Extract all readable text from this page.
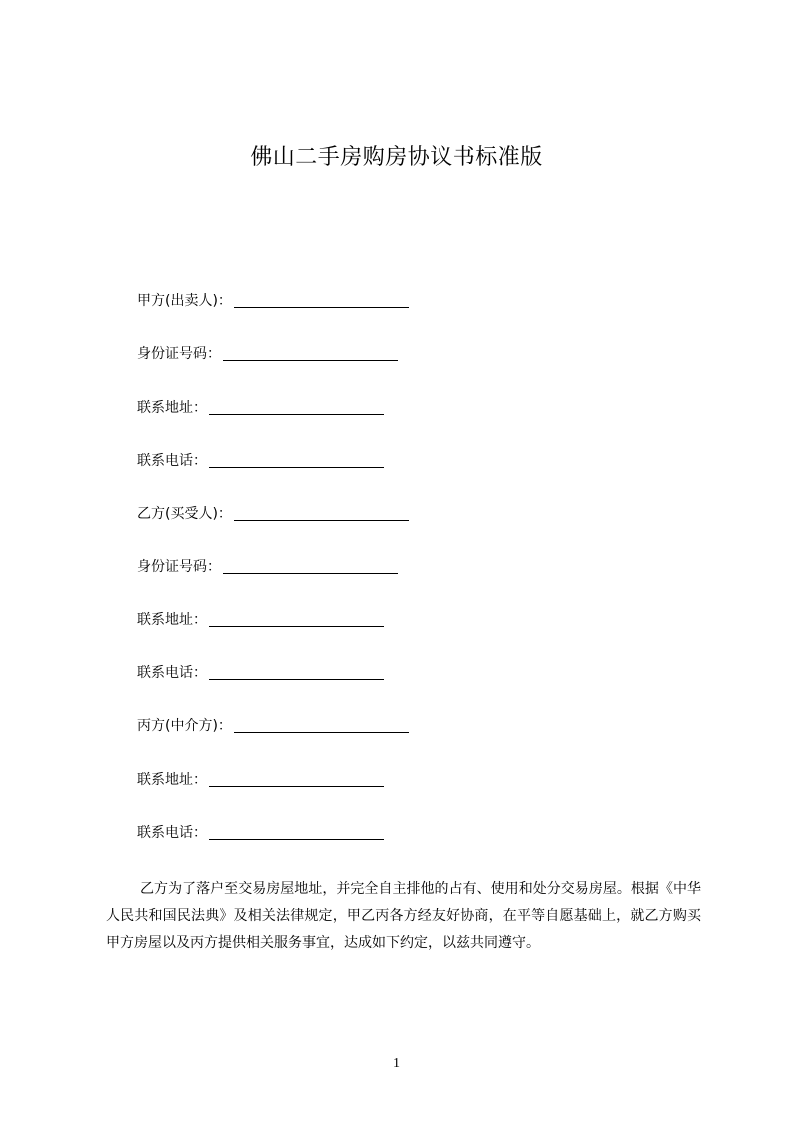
佛山二手房购房协议书标准版
甲方(出卖人)：
身份证号码：
联系地址：
联系电话：
乙方(买受人)：
身份证号码：
联系地址：
联系电话：
丙方(中介方)：
联系地址：
联系电话：
乙方为了落户至交易房屋地址，并完全自主排他的占有、使用和处分交易房屋。根据《中华人民共和国民法典》及相关法律规定，甲乙丙各方经友好协商，在平等自愿基础上，就乙方购买甲方房屋以及丙方提供相关服务事宜，达成如下约定，以兹共同遵守。
1
